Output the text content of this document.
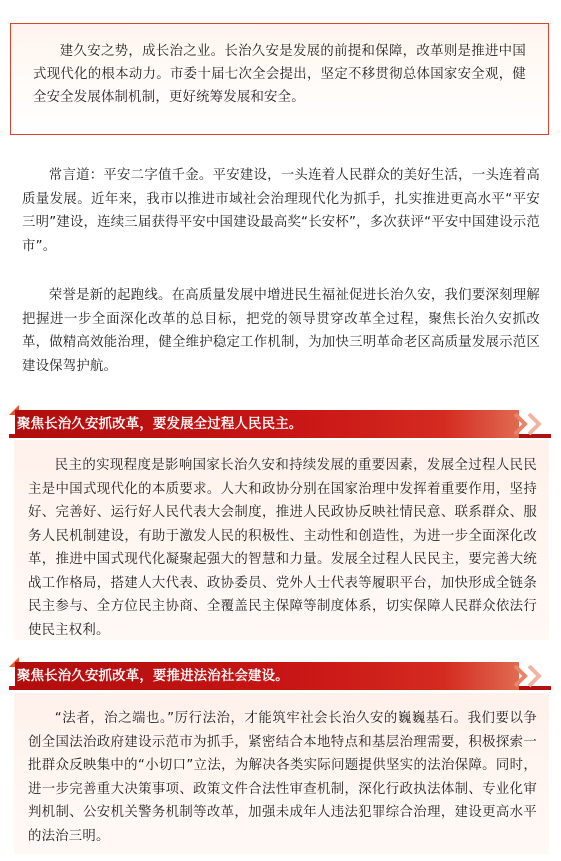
建久安之势，成长治之业。长治久安是发展的前提和保障，改革则是推进中国式现代化的根本动力。市委十届七次全会提出，坚定不移贯彻总体国家安全观，健全安全发展体制机制，更好统筹发展和安全。

常言道：平安二字值千金。平安建设，一头连着人民群众的美好生活，一头连着高质量发展。近年来，我市以推进市域社会治理现代化为抓手，扎实推进更高水平“平安三明”建设，连续三届获得平安中国建设最高奖“长安杯”，多次获评“平安中国建设示范市”。

荣誉是新的起跑线。在高质量发展中增进民生福祉促进长治久安，我们要深刻理解把握进一步全面深化改革的总目标，把党的领导贯穿改革全过程，聚焦长治久安抓改革，做精高效能治理，健全维护稳定工作机制，为加快三明革命老区高质量发展示范区建设保驾护航。

聚焦长治久安抓改革，要发展全过程人民民主。

民主的实现程度是影响国家长治久安和持续发展的重要因素，发展全过程人民民主是中国式现代化的本质要求。人大和政协分别在国家治理中发挥着重要作用，坚持好、完善好、运行好人民代表大会制度，推进人民政协反映社情民意、联系群众、服务人民机制建设，有助于激发人民的积极性、主动性和创造性，为进一步全面深化改革，推进中国式现代化凝聚起强大的智慧和力量。发展全过程人民民主，要完善大统战工作格局，搭建人大代表、政协委员、党外人士代表等履职平台，加快形成全链条民主参与、全方位民主协商、全覆盖民主保障等制度体系，切实保障人民群众依法行使民主权利。

聚焦长治久安抓改革，要推进法治社会建设。

“法者，治之端也。”厉行法治，才能筑牢社会长治久安的巍巍基石。我们要以争创全国法治政府建设示范市为抓手，紧密结合本地特点和基层治理需要，积极探索一批群众反映集中的“小切口”立法，为解决各类实际问题提供坚实的法治保障。同时，进一步完善重大决策事项、政策文件合法性审查机制，深化行政执法体制、专业化审判机制、公安机关警务机制等改革，加强未成年人违法犯罪综合治理，建设更高水平的法治三明。
